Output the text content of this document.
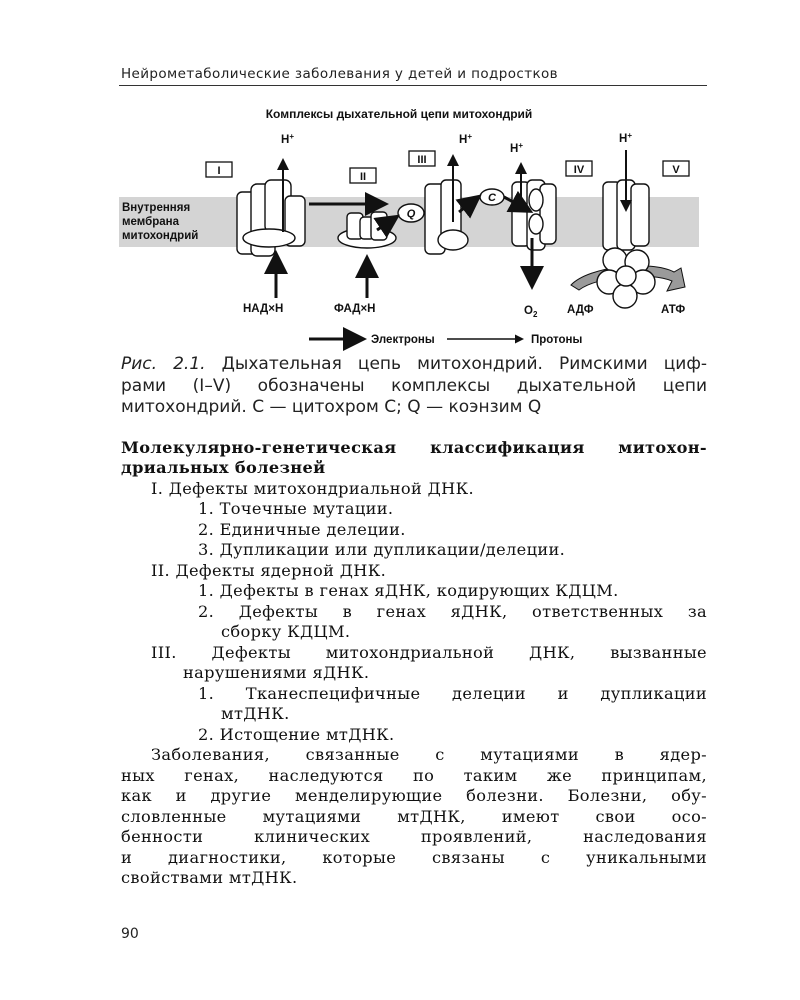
Нейрометаболические заболевания у детей и подростков
Комплексы дыхательной цепи митохондрий
Внутренняя
мембрана
митохондрий
I	II
III
IV	V
Q
C
H+	H+
H+
H+
НАД×Н	ФАД×Н	$O_2$	АДФ	АТФ
Электроны	Протоны
Рис. 2.1. Дыхательная цепь митохондрий. Римскими циф-
рами (I–V) обозначены комплексы дыхательной цепи
митохондрий. С — цитохром С; Q — коэнзим Q
Молекулярно-генетическая классификация митохон-
дриальных болезней
I. Дефекты митохондриальной ДНК.
1. Точечные мутации.
2. Единичные делеции.
3. Дупликации или дупликации/делеции.
II. Дефекты ядерной ДНК.
1. Дефекты в генах яДНК, кодирующих КДЦМ.
2. Дефекты в генах яДНК, ответственных за
сборку КДЦМ.
III. Дефекты митохондриальной ДНК, вызванные
нарушениями яДНК.
1. Тканеспецифичные делеции и дупликации
мтДНК.
2. Истощение мтДНК.
Заболевания, связанные с мутациями в ядер-
ных генах, наследуются по таким же принципам,
как и другие менделирующие болезни. Болезни, обу-
словленные мутациями мтДНК, имеют свои осо-
бенности клинических проявлений, наследования
и диагностики, которые связаны с уникальными
свойствами мтДНК.
90
